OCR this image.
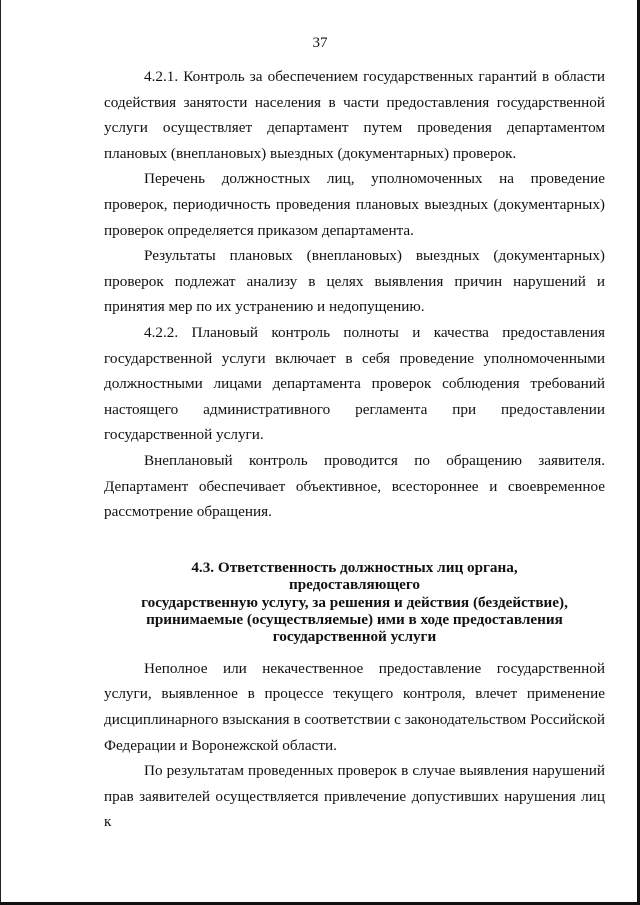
37

4.2.1. Контроль за обеспечением государственных гарантий в области содействия занятости населения в части предоставления государственной услуги осуществляет департамент путем проведения департаментом плановых (внеплановых) выездных (документарных) проверок.

Перечень должностных лиц, уполномоченных на проведение проверок, периодичность проведения плановых выездных (документарных) проверок определяется приказом департамента.

Результаты плановых (внеплановых) выездных (документарных) проверок подлежат анализу в целях выявления причин нарушений и принятия мер по их устранению и недопущению.

4.2.2. Плановый контроль полноты и качества предоставления государственной услуги включает в себя проведение уполномоченными должностными лицами департамента проверок соблюдения требований настоящего административного регламента при предоставлении государственной услуги.

Внеплановый контроль проводится по обращению заявителя. Департамент обеспечивает объективное, всестороннее и своевременное рассмотрение обращения.

4.3. Ответственность должностных лиц органа, предоставляющего
государственную услугу, за решения и действия (бездействие),
принимаемые (осуществляемые) ими в ходе предоставления
государственной услуги

Неполное или некачественное предоставление государственной услуги, выявленное в процессе текущего контроля, влечет применение дисциплинарного взыскания в соответствии с законодательством Российской Федерации и Воронежской области.

По результатам проведенных проверок в случае выявления нарушений прав заявителей осуществляется привлечение допустивших нарушения лиц к
